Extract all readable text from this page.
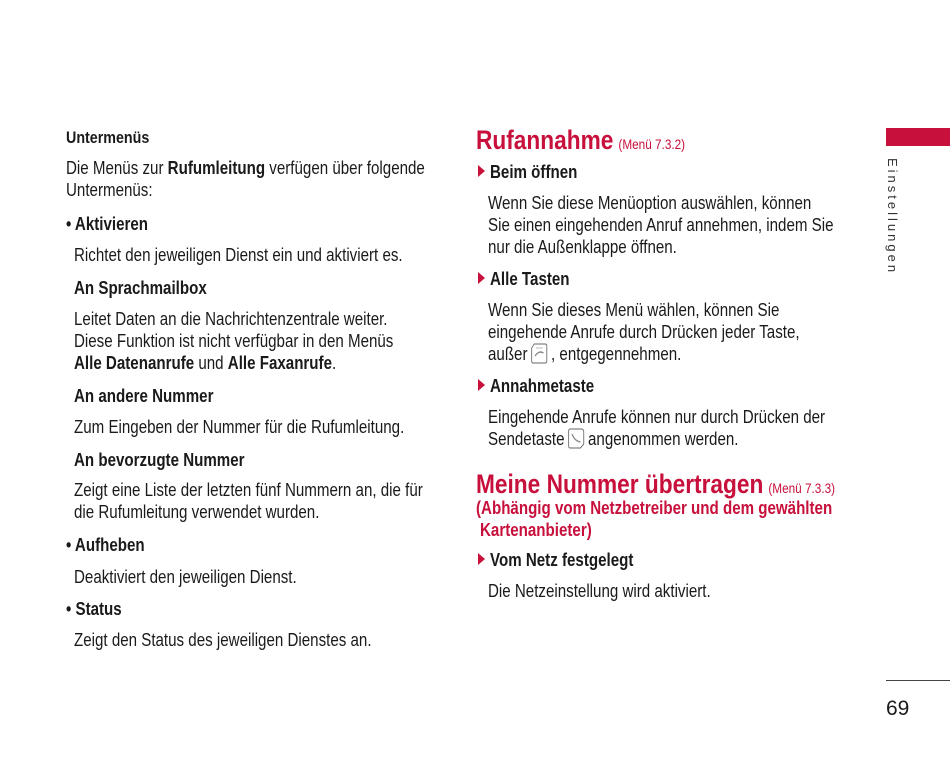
Untermenüs
Die Menüs zur Rufumleitung verfügen über folgende
Untermenüs:
• Aktivieren
Richtet den jeweiligen Dienst ein und aktiviert es.
An Sprachmailbox
Leitet Daten an die Nachrichtenzentrale weiter.
Diese Funktion ist nicht verfügbar in den Menüs
Alle Datenanrufe und Alle Faxanrufe.
An andere Nummer
Zum Eingeben der Nummer für die Rufumleitung.
An bevorzugte Nummer
Zeigt eine Liste der letzten fünf Nummern an, die für
die Rufumleitung verwendet wurden.
• Aufheben
Deaktiviert den jeweiligen Dienst.
• Status
Zeigt den Status des jeweiligen Dienstes an.
Rufannahme (Menü 7.3.2)
Beim öffnen
Wenn Sie diese Menüoption auswählen, können
Sie einen eingehenden Anruf annehmen, indem Sie
nur die Außenklappe öffnen.
Alle Tasten
Wenn Sie dieses Menü wählen, können Sie
eingehende Anrufe durch Drücken jeder Taste,
außer , entgegennehmen.
Annahmetaste
Eingehende Anrufe können nur durch Drücken der
Sendetaste angenommen werden.
Meine Nummer übertragen (Menü 7.3.3)
(Abhängig vom Netzbetreiber und dem gewählten
Kartenanbieter)
Vom Netz festgelegt
Die Netzeinstellung wird aktiviert.
Einstellungen
69
